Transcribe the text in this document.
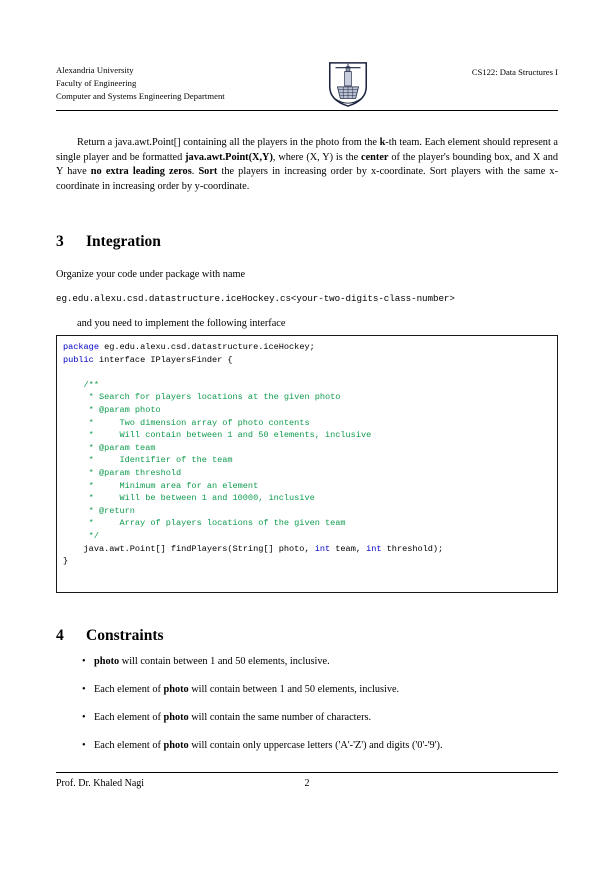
Alexandria University
Faculty of Engineering
Computer and Systems Engineering Department
CS122: Data Structures I
Return a java.awt.Point[] containing all the players in the photo from the k-th team. Each element should represent a single player and be formatted java.awt.Point(X,Y), where (X, Y) is the center of the player's bounding box, and X and Y have no extra leading zeros. Sort the players in increasing order by x-coordinate. Sort players with the same x-coordinate in increasing order by y-coordinate.
3 Integration
Organize your code under package with name
eg.edu.alexu.csd.datastructure.iceHockey.cs<your-two-digits-class-number>
and you need to implement the following interface
package eg.edu.alexu.csd.datastructure.iceHockey;
public interface IPlayersFinder {

/**
* Search for players locations at the given photo
* @param photo
*     Two dimension array of photo contents
*     Will contain between 1 and 50 elements, inclusive
* @param team
*     Identifier of the team
* @param threshold
*     Minimum area for an element
*     Will be between 1 and 10000, inclusive
* @return
*     Array of players locations of the given team
*/
java.awt.Point[] findPlayers(String[] photo, int team, int threshold);
}
4 Constraints
• photo will contain between 1 and 50 elements, inclusive.
• Each element of photo will contain between 1 and 50 elements, inclusive.
• Each element of photo will contain the same number of characters.
• Each element of photo will contain only uppercase letters ('A'-'Z') and digits ('0'-'9').
Prof. Dr. Khaled Nagi	2
